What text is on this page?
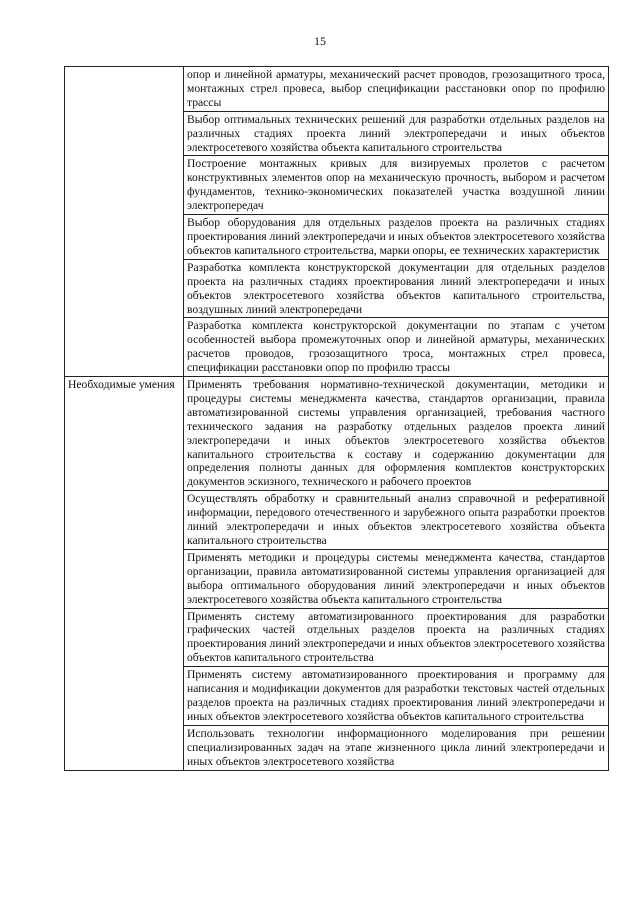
15

	опор и линейной арматуры, механический расчет проводов, грозозащитного троса, монтажных стрел провеса, выбор спецификации расстановки опор по профилю трассы

	Выбор оптимальных технических решений для разработки отдельных разделов на различных стадиях проекта линий электропередачи и иных объектов электросетевого хозяйства объекта капитального строительства

	Построение монтажных кривых для визируемых пролетов с расчетом конструктивных элементов опор на механическую прочность, выбором и расчетом фундаментов, технико-экономических показателей участка воздушной линии электропередач

	Выбор оборудования для отдельных разделов проекта на различных стадиях проектирования линий электропередачи и иных объектов электросетевого хозяйства объектов капитального строительства, марки опоры, ее технических характеристик

	Разработка комплекта конструкторской документации для отдельных разделов проекта на различных стадиях проектирования линий электропередачи и иных объектов электросетевого хозяйства объектов капитального строительства, воздушных линий электропередачи

	Разработка комплекта конструкторской документации по этапам с учетом особенностей выбора промежуточных опор и линейной арматуры, механических расчетов проводов, грозозащитного троса, монтажных стрел провеса, спецификации расстановки опор по профилю трассы

Необходимые умения	Применять требования нормативно-технической документации, методики и процедуры системы менеджмента качества, стандартов организации, правила автоматизированной системы управления организацией, требования частного технического задания на разработку отдельных разделов проекта линий электропередачи и иных объектов электросетевого хозяйства объектов капитального строительства к составу и содержанию документации для определения полноты данных для оформления комплектов конструкторских документов эскизного, технического и рабочего проектов

	Осуществлять обработку и сравнительный анализ справочной и реферативной информации, передового отечественного и зарубежного опыта разработки проектов линий электропередачи и иных объектов электросетевого хозяйства объекта капитального строительства

	Применять методики и процедуры системы менеджмента качества, стандартов организации, правила автоматизированной системы управления организацией для выбора оптимального оборудования линий электропередачи и иных объектов электросетевого хозяйства объекта капитального строительства

	Применять систему автоматизированного проектирования для разработки графических частей отдельных разделов проекта на различных стадиях проектирования линий электропередачи и иных объектов электросетевого хозяйства объектов капитального строительства

	Применять систему автоматизированного проектирования и программу для написания и модификации документов для разработки текстовых частей отдельных разделов проекта на различных стадиях проектирования линий электропередачи и иных объектов электросетевого хозяйства объектов капитального строительства

	Использовать технологии информационного моделирования при решении специализированных задач на этапе жизненного цикла линий электропередачи и иных объектов электросетевого хозяйства
